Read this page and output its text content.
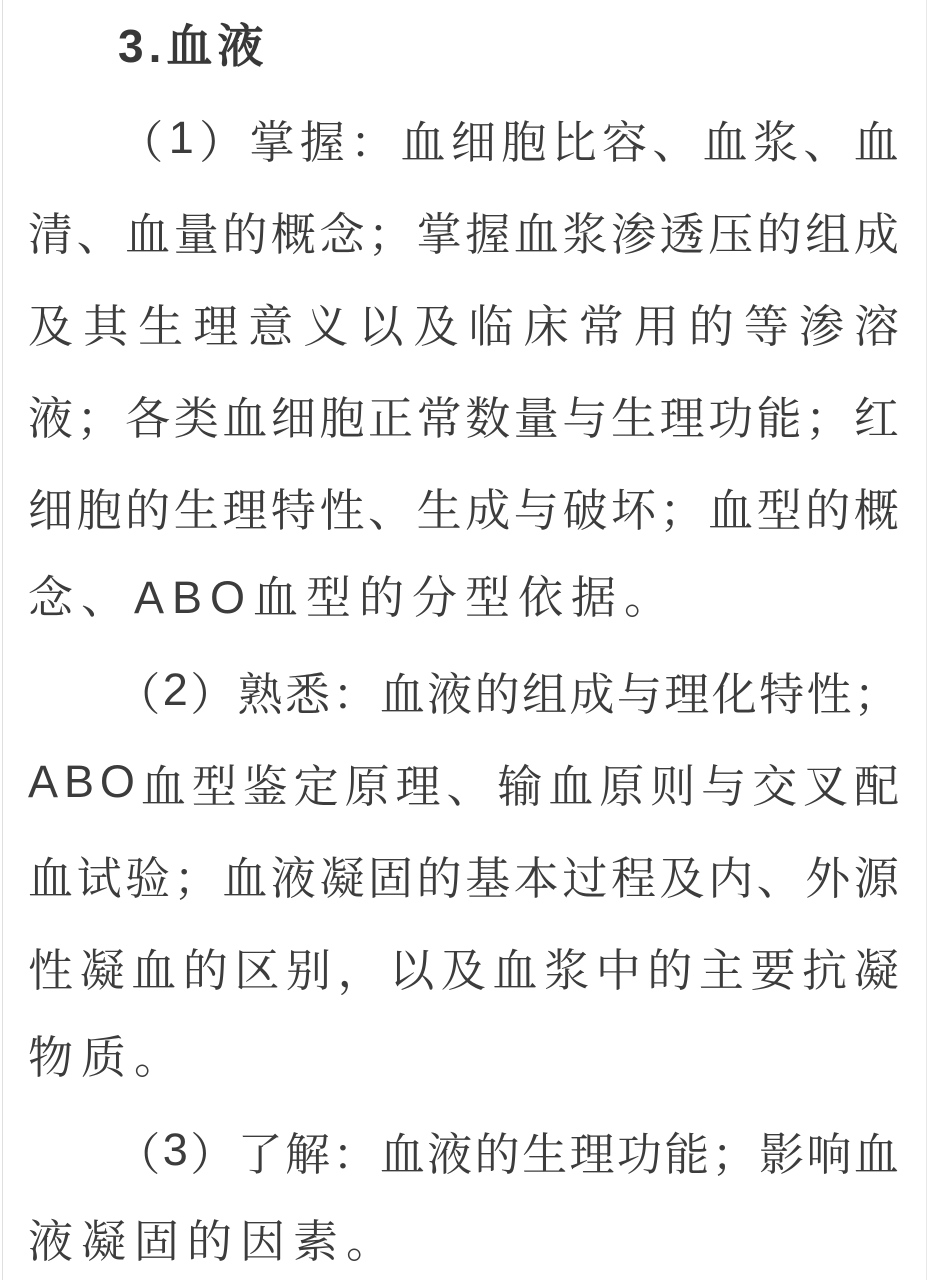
3.血液
（ 1 ） 掌 握 ： 血 细 胞 比 容 、 血 浆 、 血
清 、 血 量 的 概 念 ； 掌 握 血 浆 渗 透 压 的 组 成
及 其 生 理 意 义 以 及 临 床 常 用 的 等 渗 溶
液 ； 各 类 血 细 胞 正 常 数 量 与 生 理 功 能 ； 红
细 胞 的 生 理 特 性 、 生 成 与 破 坏 ； 血 型 的 概
念、ABO血型的分型依据。
（ 2 ） 熟 悉 ： 血 液 的 组 成 与 理 化 特 性 ；
A B O 血 型 鉴 定 原 理 、 输 血 原 则 与 交 叉 配
血 试 验 ； 血 液 凝 固 的 基 本 过 程 及 内 、 外 源
性 凝 血 的 区 别 ， 以 及 血 浆 中 的 主 要 抗 凝
物质。
（ 3 ） 了 解 ： 血 液 的 生 理 功 能 ； 影 响 血
液凝固的因素。
